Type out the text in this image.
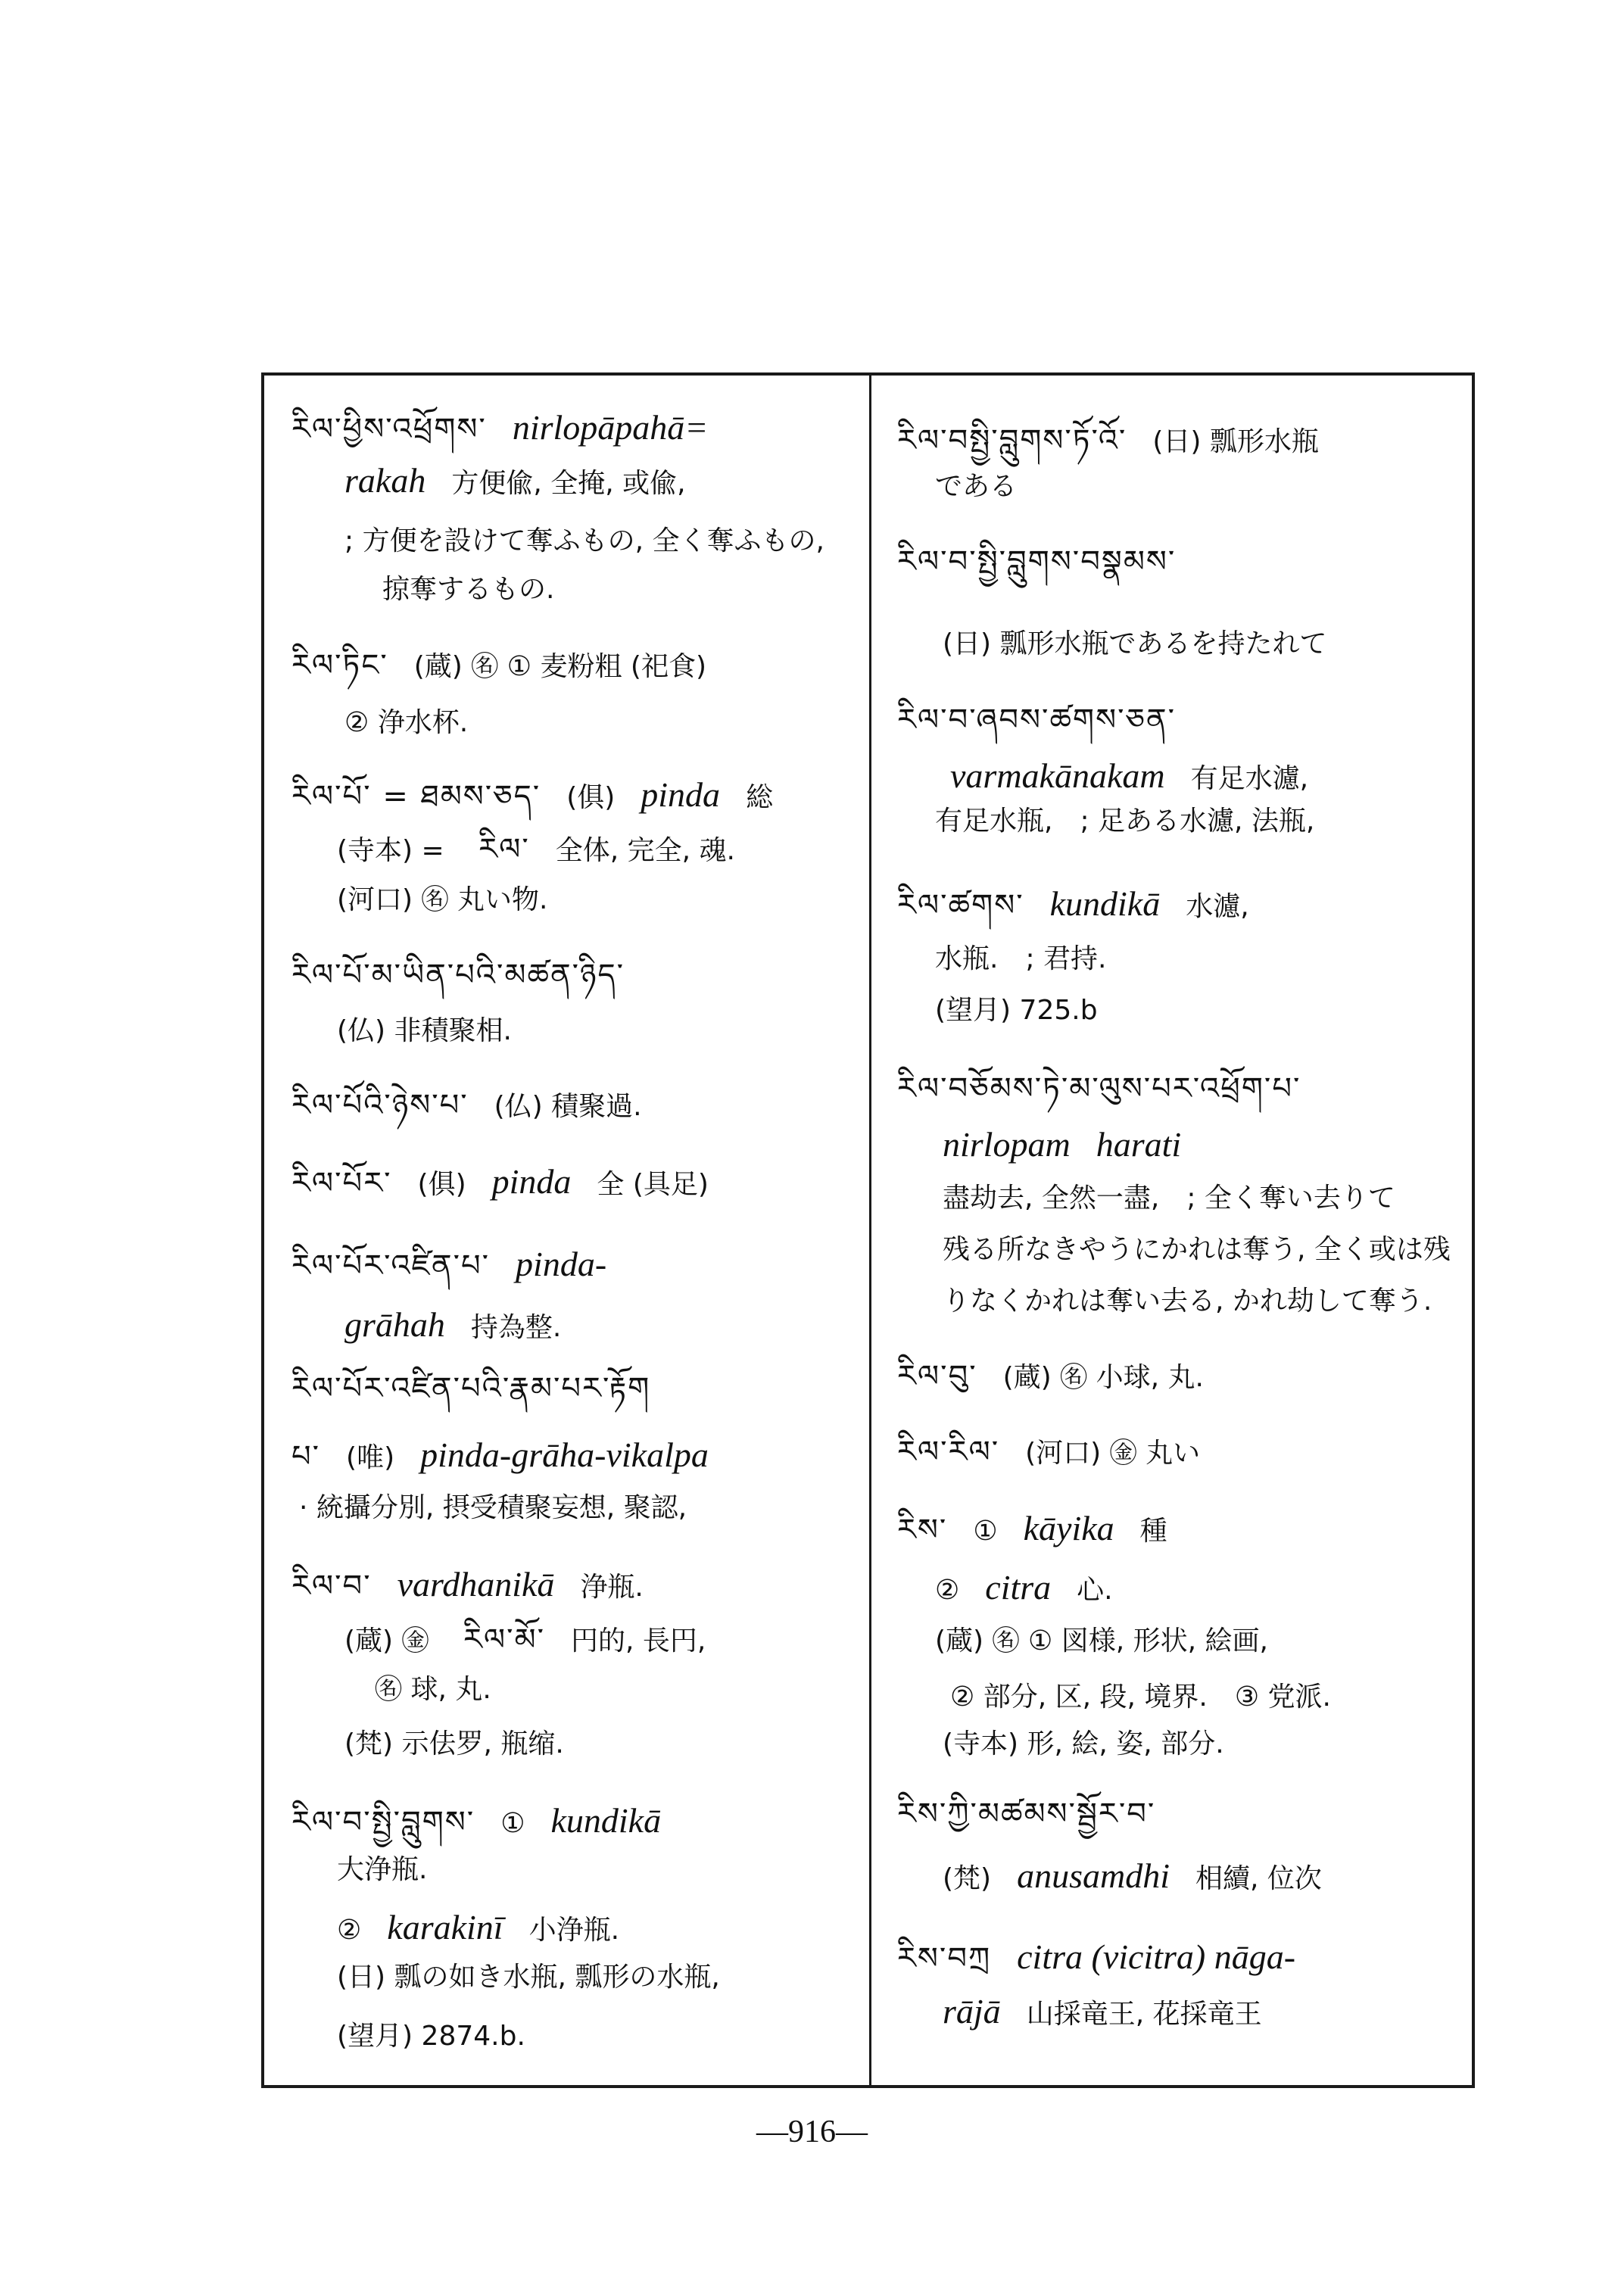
རིལ་ཕྱིས་འཕྲོགས་ nirlopāpahā=
rakah 方便偸, 全掩, 或偸,
; 方便を設けて奪ふもの, 全く奪ふもの,
掠奪するもの.
རིལ་ཏིང་ (蔵) ㊔ ① 麦粉粗 (祀食)
② 浄水杯.
རིལ་པོ་ = ཐམས་ཅད་ (俱) pinda 総
(寺本) = རིལ་ 全体, 完全, 魂.
(河口) ㊔ 丸い物.
རིལ་པོ་མ་ཡིན་པའི་མཚན་ཉིད་
(仏) 非積聚相.
རིལ་པོའི་ཉེས་པ་ (仏) 積聚過.
རིལ་པོར་ (俱) pinda 全 (具足)
རིལ་པོར་འཛིན་པ་ pinda-
grāhah 持為整.
རིལ་པོར་འཛིན་པའི་རྣམ་པར་རྟོག
པ་ (唯) pinda-grāha-vikalpa
· 統攝分別, 摂受積聚妄想, 聚認,
རིལ་བ་ vardhanikā 浄瓶.
(蔵) ㊎ རིལ་མོ་ 円的, 長円,
㊔ 球, 丸.
(梵) 示佉罗, 瓶缩.
རིལ་བ་སྤྱི་བླུགས་ ① kundikā
大浄瓶.
② karakinī 小浄瓶.
(日) 瓢の如き水瓶, 瓢形の水瓶,
(望月) 2874.b.
རིལ་བསྤྱི་བླུགས་ཏོ་འོ་ (日) 瓢形水瓶
である
རིལ་བ་སྤྱི་བླུགས་བསྣམས་
(日) 瓢形水瓶であるを持たれて
རིལ་བ་ཞབས་ཚགས་ཅན་
varmakānakam 有足水濾,
有足水瓶,　; 足ある水濾, 法瓶,
རིལ་ཚགས་ kundikā 水濾,
水瓶.　; 君持.
(望月) 725.b
རིལ་བཅོམས་ཏེ་མ་ལུས་པར་འཕྲོག་པ་
nirlopam harati
盡劫去, 全然一盡,　; 全く奪い去りて
残る所なきやうにかれは奪う, 全く或は残
りなくかれは奪い去る, かれ劫して奪う.
རིལ་བུ་ (蔵) ㊔ 小球, 丸.
རིལ་རིལ་ (河口) ㊎ 丸い
རིས་ ① kāyika 種
② citra 心.
(蔵) ㊔ ① 図様, 形状, 絵画,
② 部分, 区, 段, 境界.　③ 党派.
(寺本) 形, 絵, 姿, 部分.
རིས་ཀྱི་མཚམས་སྦྱོར་བ་
(梵) anusamdhi 相續, 位次
རིས་བཀྲ citra (vicitra) nāga-
rājā 山採竜王, 花採竜王
—916—
